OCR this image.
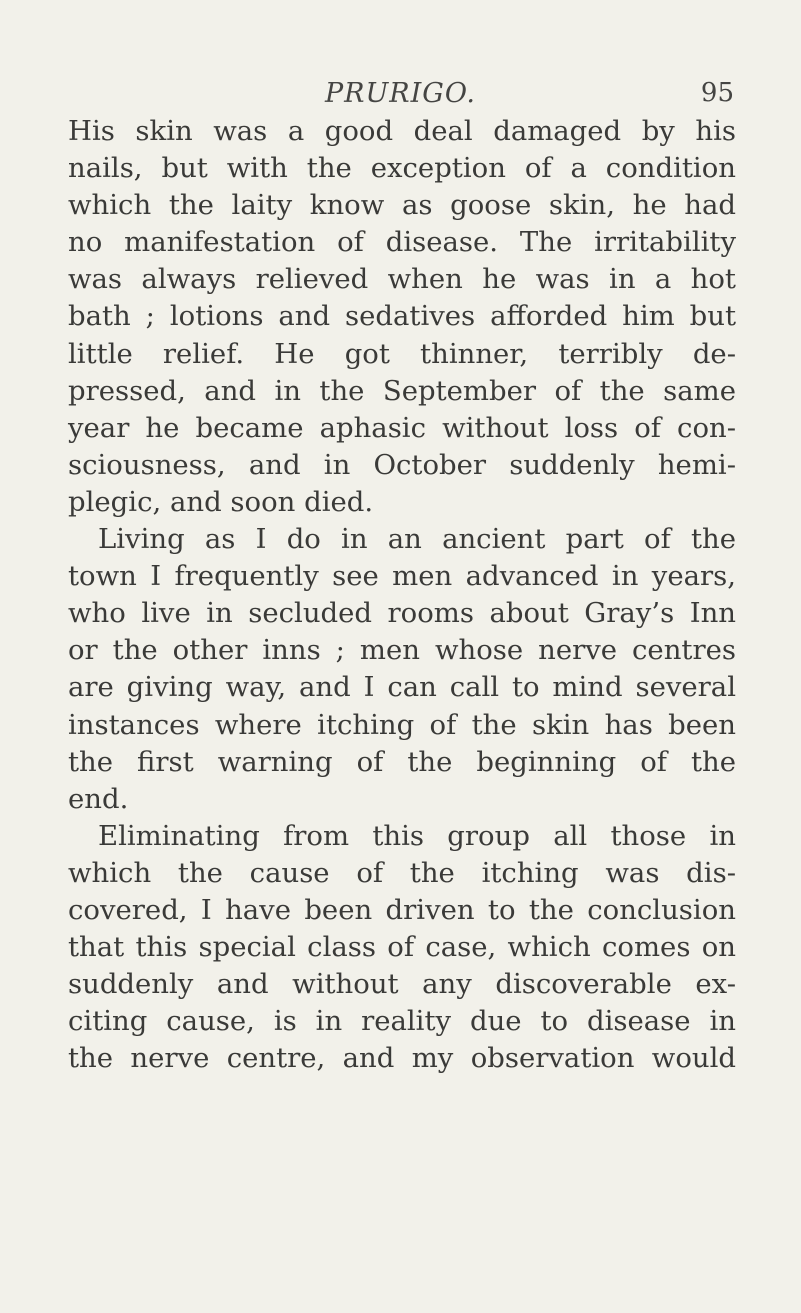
PRURIGO.	95
His skin was a good deal damaged by his
nails, but with the exception of a condition
which the laity know as goose skin, he had
no manifestation of disease. The irritability
was always relieved when he was in a hot
bath ; lotions and sedatives afforded him but
little relief. He got thinner, terribly de-
pressed, and in the September of the same
year he became aphasic without loss of con-
sciousness, and in October suddenly hemi-
plegic, and soon died.
Living as I do in an ancient part of the
town I frequently see men advanced in years,
who live in secluded rooms about Gray’s Inn
or the other inns ; men whose nerve centres
are giving way, and I can call to mind several
instances where itching of the skin has been
the first warning of the beginning of the
end.
Eliminating from this group all those in
which the cause of the itching was dis-
covered, I have been driven to the conclusion
that this special class of case, which comes on
suddenly and without any discoverable ex-
citing cause, is in reality due to disease in
the nerve centre, and my observation would
